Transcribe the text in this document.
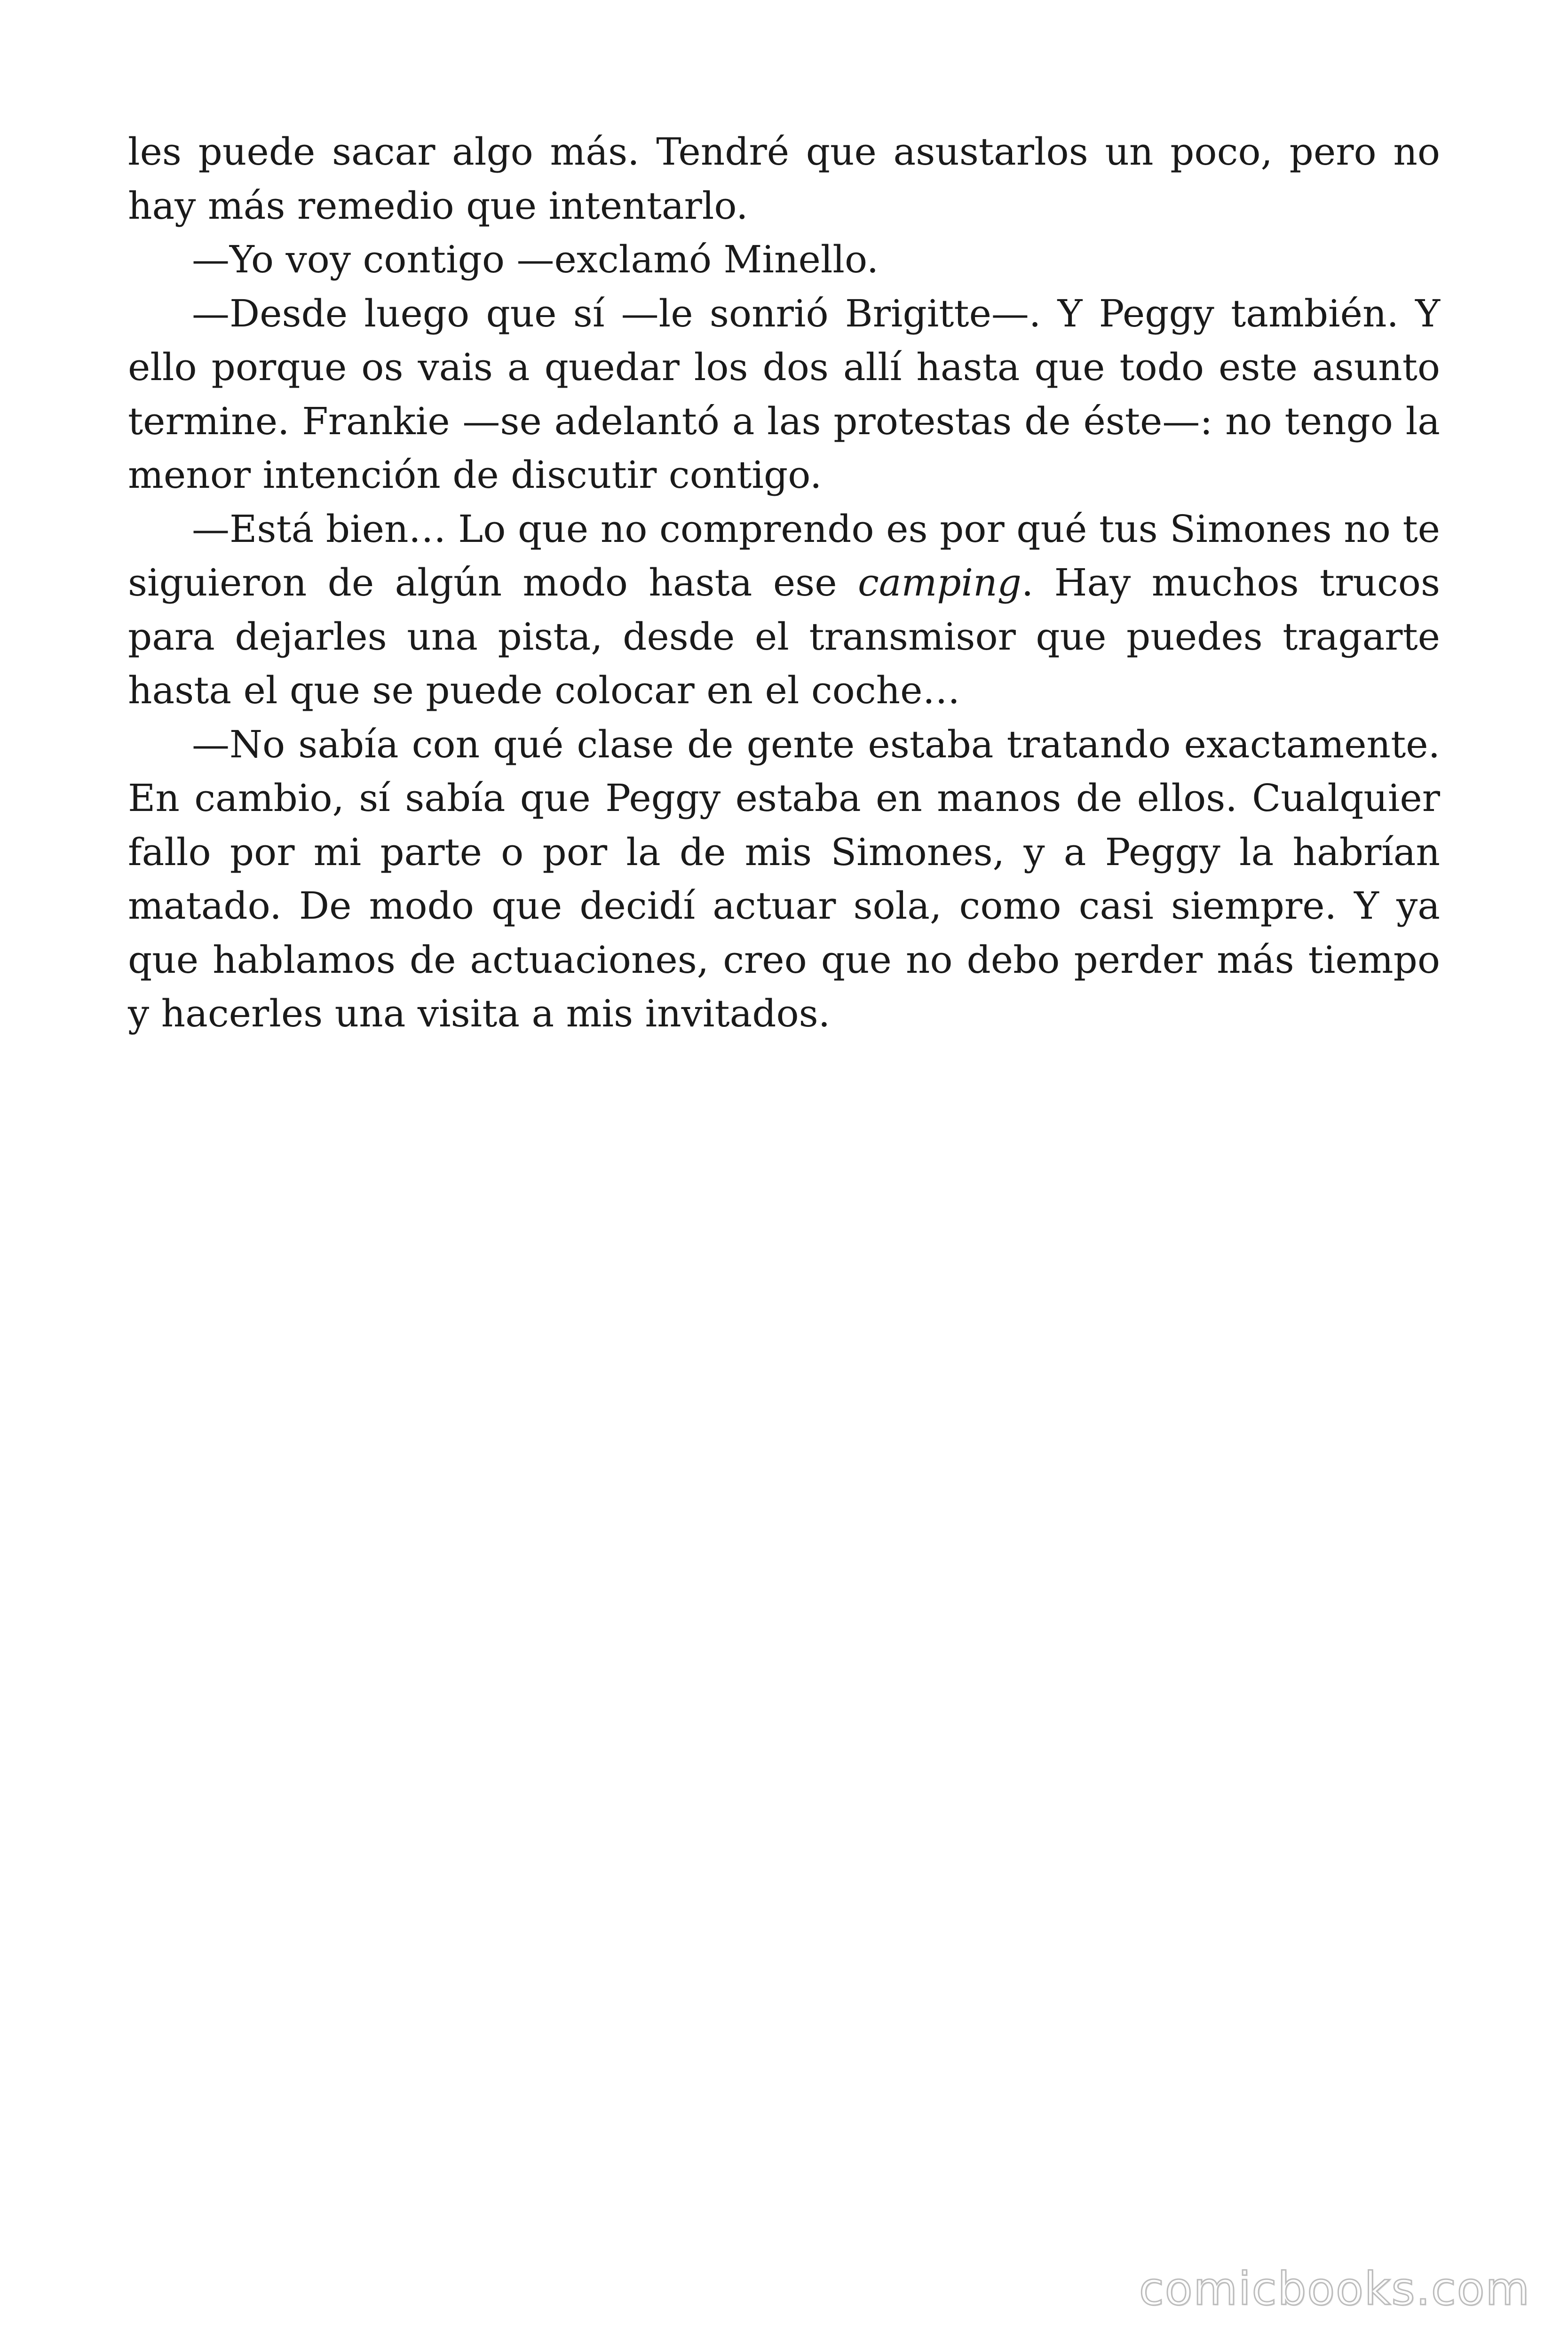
les puede sacar algo más. Tendré que asustarlos un poco, pero no hay más remedio que intentarlo.

—Yo voy contigo —exclamó Minello.

—Desde luego que sí —le sonrió Brigitte—. Y Peggy también. Y ello porque os vais a quedar los dos allí hasta que todo este asunto termine. Frankie —se adelantó a las protestas de éste—: no tengo la menor intención de discutir contigo.

—Está bien… Lo que no comprendo es por qué tus Simones no te siguieron de algún modo hasta ese camping. Hay muchos trucos para dejarles una pista, desde el transmisor que puedes tragarte hasta el que se puede colocar en el coche…

—No sabía con qué clase de gente estaba tratando exactamente. En cambio, sí sabía que Peggy estaba en manos de ellos. Cualquier fallo por mi parte o por la de mis Simones, y a Peggy la habrían matado. De modo que decidí actuar sola, como casi siempre. Y ya que hablamos de actuaciones, creo que no debo perder más tiempo y hacerles una visita a mis invitados.

comicbooks.com
